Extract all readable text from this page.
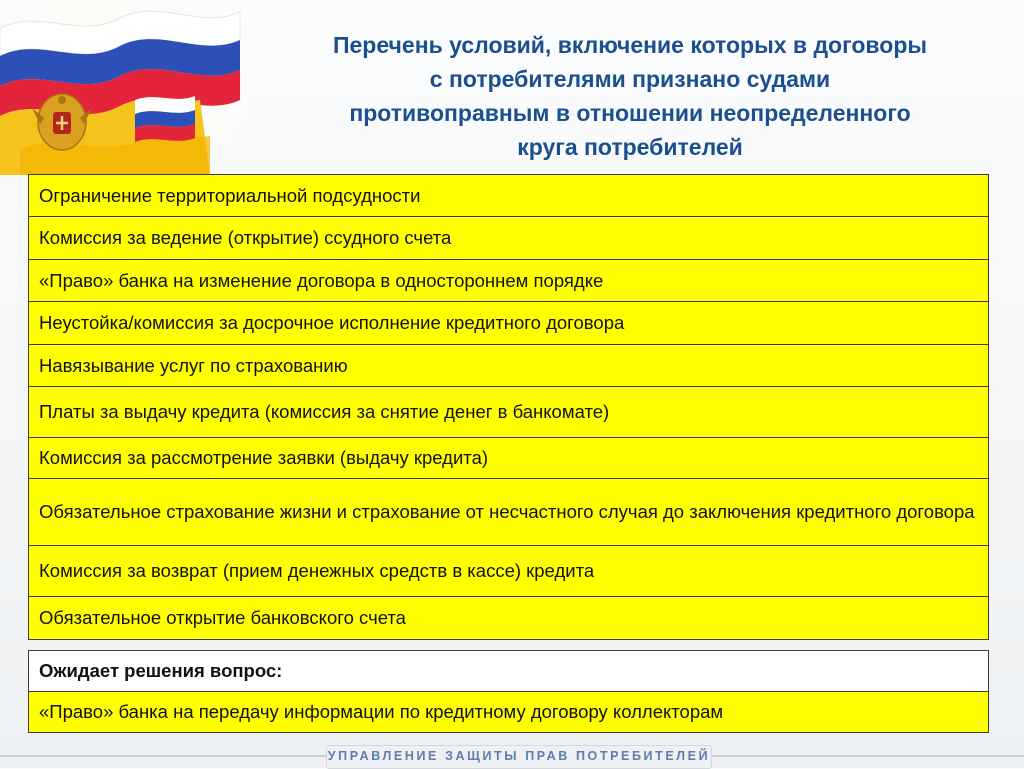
Перечень условий, включение которых в договоры
с потребителями признано судами
противоправным в отношении неопределенного
круга потребителей
Ограничение территориальной подсудности
Комиссия за ведение (открытие) ссудного счета
«Право» банка на изменение договора в одностороннем порядке
Неустойка/комиссия за досрочное исполнение кредитного договора
Навязывание услуг по страхованию
Платы за выдачу кредита (комиссия за снятие денег в банкомате)
Комиссия за рассмотрение заявки (выдачу кредита)
Обязательное страхование жизни и страхование от несчастного случая до заключения кредитного договора
Комиссия за возврат (прием денежных средств в кассе) кредита
Обязательное открытие банковского счета
Ожидает решения вопрос:
«Право» банка на передачу информации по кредитному договору коллекторам
УПРАВЛЕНИЕ ЗАЩИТЫ ПРАВ ПОТРЕБИТЕЛЕЙ
